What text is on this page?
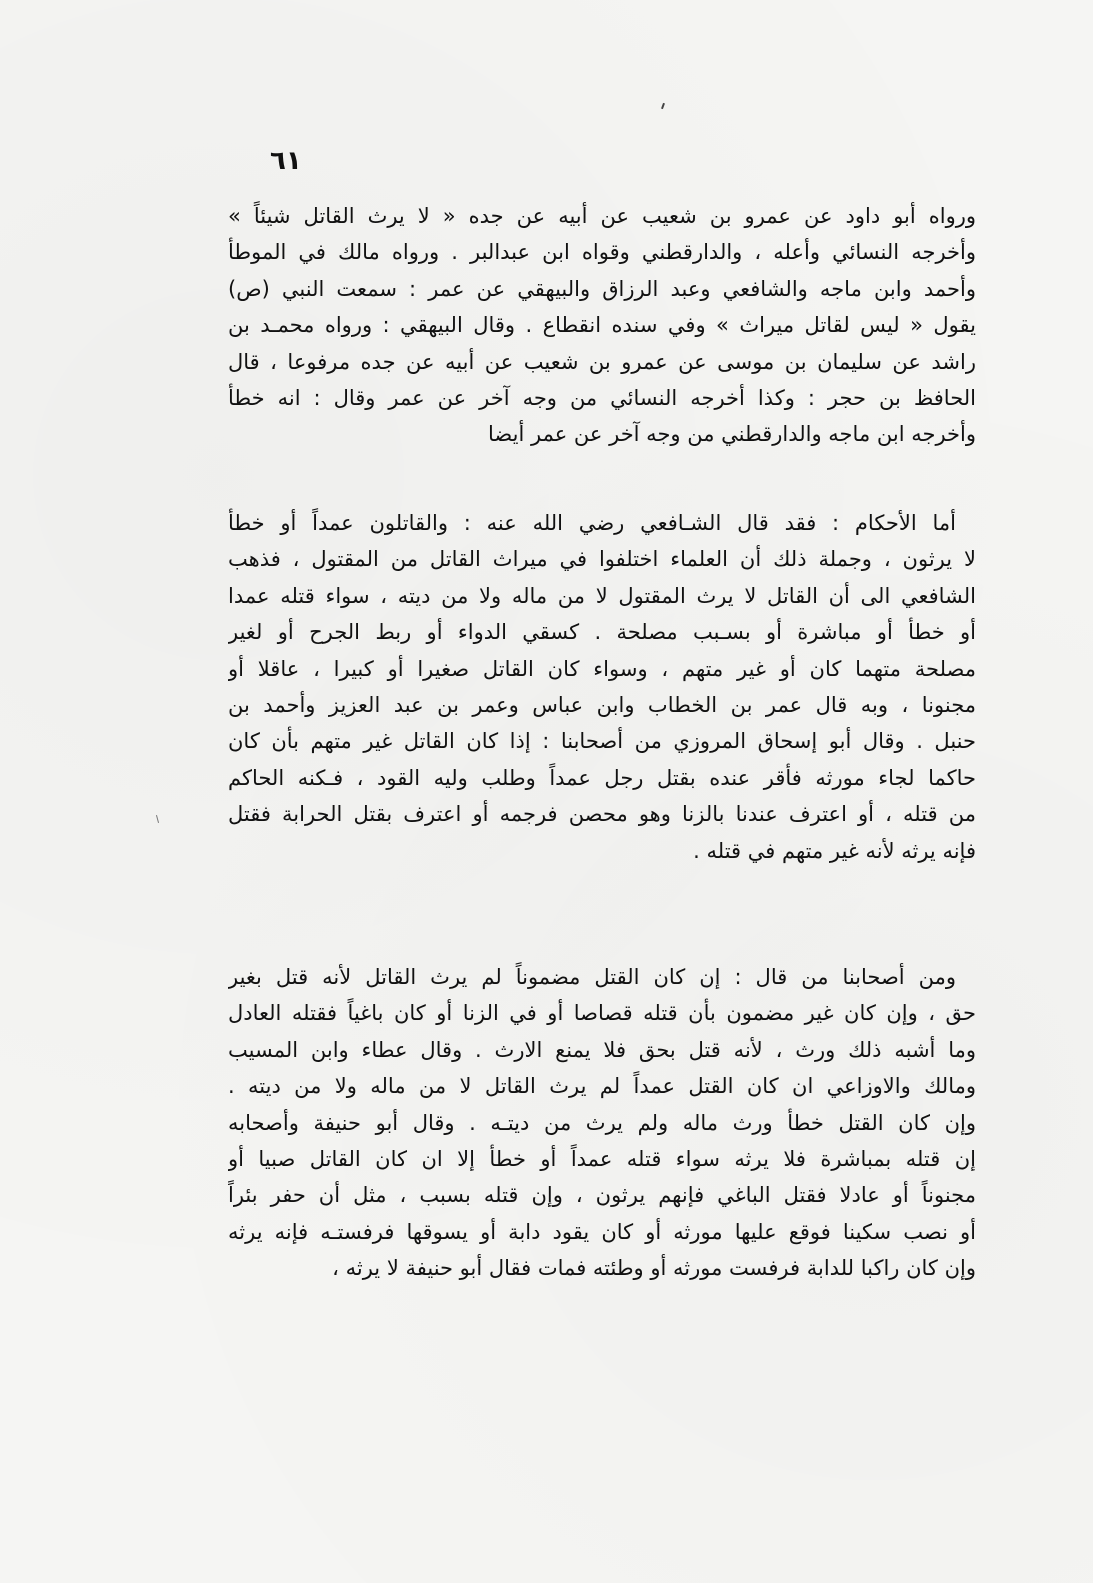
٦١
ورواه أبو داود عن عمرو بن شعيب عن أبيه عن جده « لا يرث القاتل شيئاً »
وأخرجه النسائي وأعله ، والدارقطني وقواه ابن عبدالبر . ورواه مالك في الموطأ
وأحمد وابن ماجه والشافعي وعبد الرزاق والبيهقي عن عمر : سمعت النبي (ص)
يقول « ليس لقاتل ميراث » وفي سنده انقطاع . وقال البيهقي : ورواه محمـد بن
راشد عن سليمان بن موسى عن عمرو بن شعيب عن أبيه عن جده مرفوعا ، قال
الحافظ بن حجر : وكذا أخرجه النسائي من وجه آخر عن عمر وقال : انه خطأ
وأخرجه ابن ماجه والدارقطني من وجه آخر عن عمر أيضا
أما الأحكام : فقد قال الشـافعي رضي الله عنه : والقاتلون عمداً أو خطأ
لا يرثون ، وجملة ذلك أن العلماء اختلفوا في ميراث القاتل من المقتول ، فذهب
الشافعي الى أن القاتل لا يرث المقتول لا من ماله ولا من ديته ، سواء قتله عمدا
أو خطأ أو مباشرة أو بسـبب مصلحة . كسقي الدواء أو ربط الجرح أو لغير
مصلحة متهما كان أو غير متهم ، وسواء كان القاتل صغيرا أو كبيرا ، عاقلا أو
مجنونا ، وبه قال عمر بن الخطاب وابن عباس وعمر بن عبد العزيز وأحمد بن
حنبل . وقال أبو إسحاق المروزي من أصحابنا : إذا كان القاتل غير متهم بأن كان
حاكما لجاء مورثه فأقر عنده بقتل رجل عمداً وطلب وليه القود ، فـكنه الحاكم
من قتله ، أو اعترف عندنا بالزنا وهو محصن فرجمه أو اعترف بقتل الحرابة فقتل
فإنه يرثه لأنه غير متهم في قتله .
ومن أصحابنا من قال : إن كان القتل مضموناً لم يرث القاتل لأنه قتل بغير
حق ، وإن كان غير مضمون بأن قتله قصاصا أو في الزنا أو كان باغياً فقتله العادل
وما أشبه ذلك ورث ، لأنه قتل بحق فلا يمنع الارث . وقال عطاء وابن المسيب
ومالك والاوزاعي ان كان القتل عمداً لم يرث القاتل لا من ماله ولا من ديته .
وإن كان القتل خطأ ورث ماله ولم يرث من ديتـه . وقال أبو حنيفة وأصحابه
إن قتله بمباشرة فلا يرثه سواء قتله عمداً أو خطأ إلا ان كان القاتل صبيا أو
مجنوناً أو عادلا فقتل الباغي فإنهم يرثون ، وإن قتله بسبب ، مثل أن حفر بئراً
أو نصب سكينا فوقع عليها مورثه أو كان يقود دابة أو يسوقها فرفستـه فإنه يرثه
وإن كان راكبا للدابة فرفست مورثه أو وطئته فمات فقال أبو حنيفة لا يرثه ،
